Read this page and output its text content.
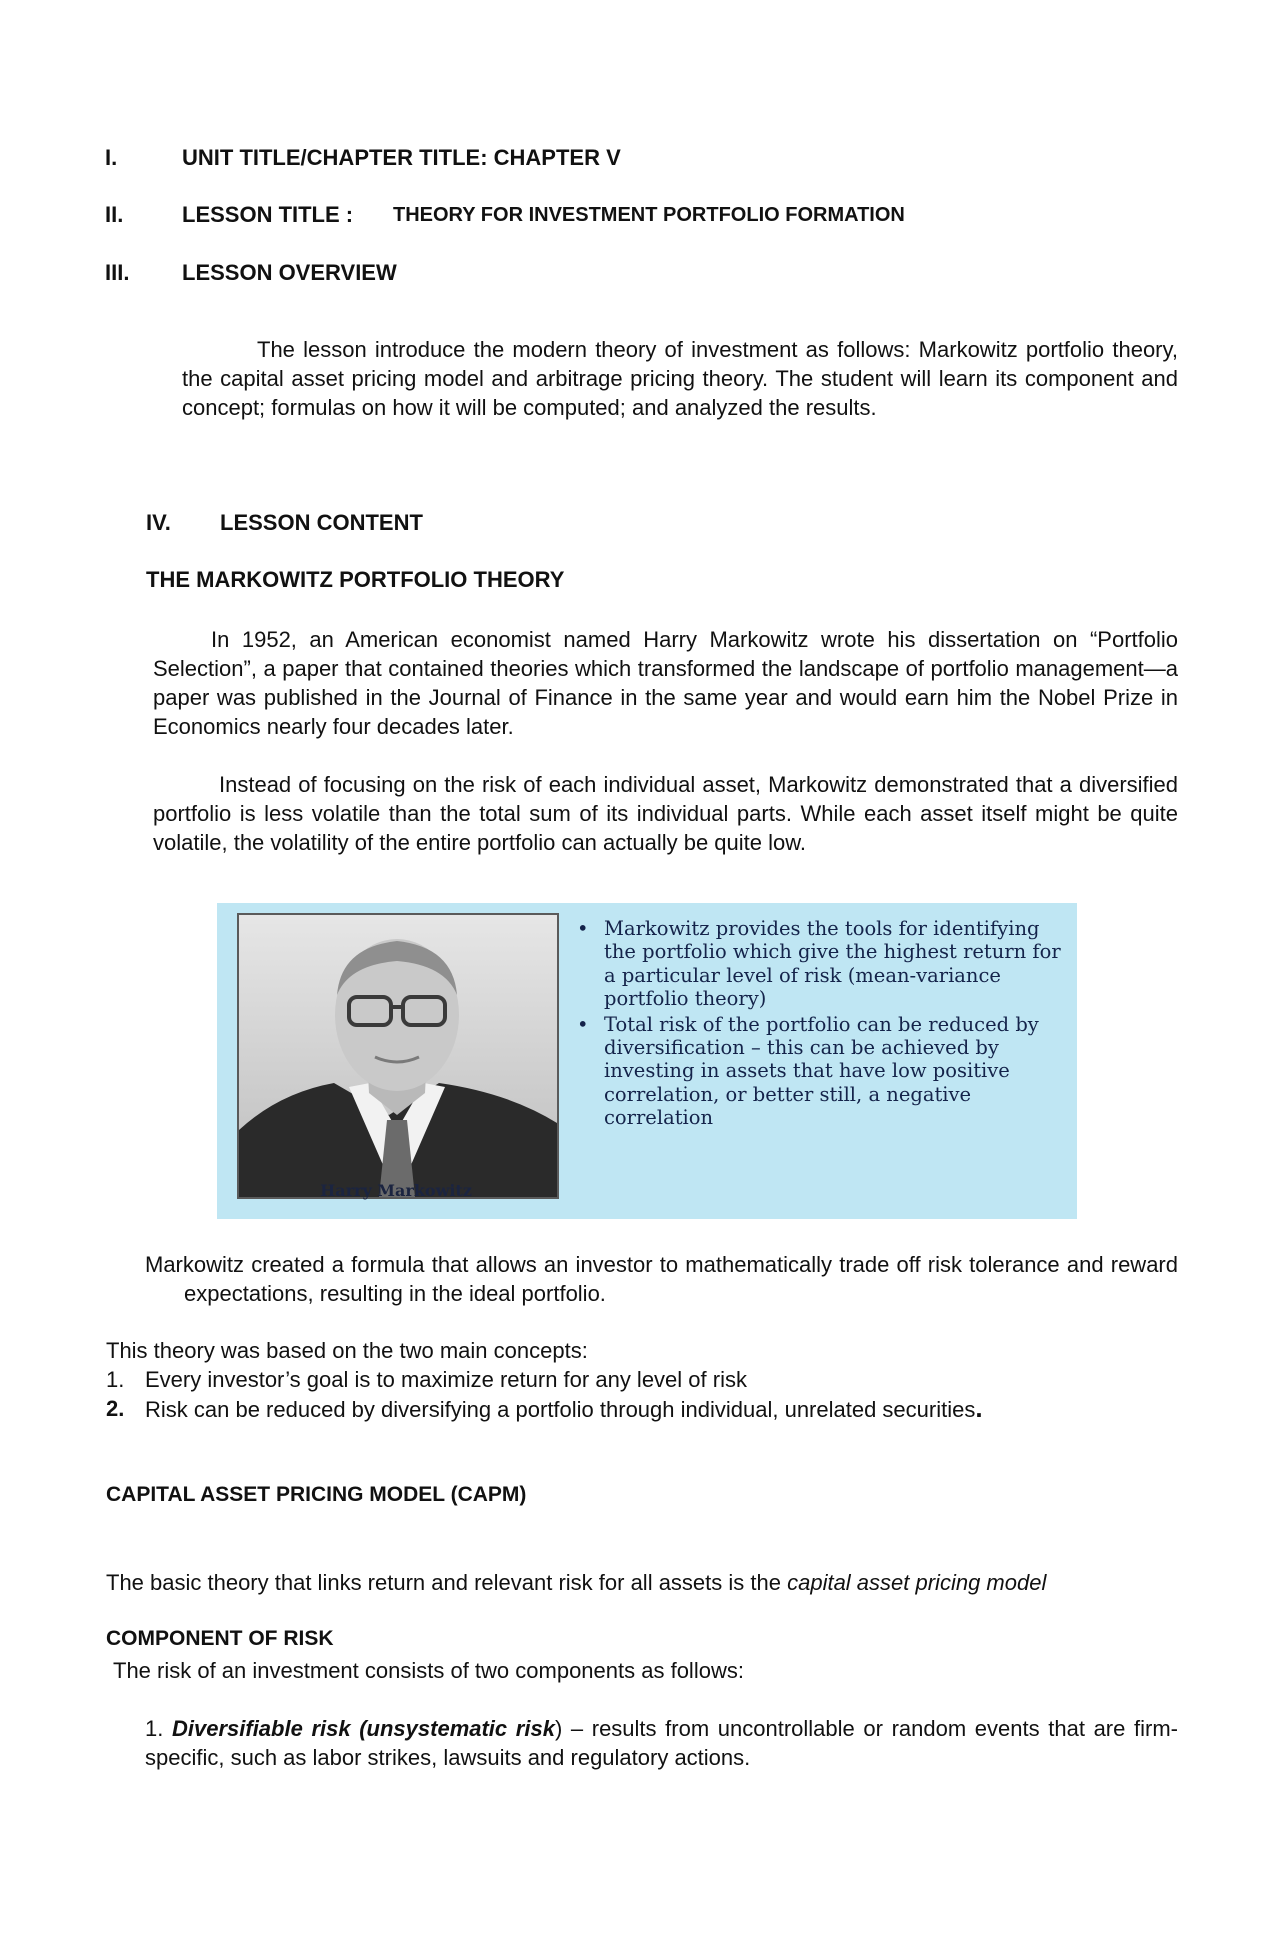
I.	UNIT TITLE/CHAPTER TITLE: CHAPTER V
II.	LESSON TITLE : THEORY FOR INVESTMENT PORTFOLIO FORMATION
III. LESSON OVERVIEW

The lesson introduce the modern theory of investment as follows: Markowitz portfolio theory, the capital asset pricing model and arbitrage pricing theory. The student will learn its component and concept; formulas on how it will be computed; and analyzed the results.

IV. LESSON CONTENT
THE MARKOWITZ PORTFOLIO THEORY

In 1952, an American economist named Harry Markowitz wrote his dissertation on “Portfolio Selection”, a paper that contained theories which transformed the landscape of portfolio management—a paper was published in the Journal of Finance in the same year and would earn him the Nobel Prize in Economics nearly four decades later.

Instead of focusing on the risk of each individual asset, Markowitz demonstrated that a diversified portfolio is less volatile than the total sum of its individual parts. While each asset itself might be quite volatile, the volatility of the entire portfolio can actually be quite low.

Harry Markowitz
• Markowitz provides the tools for identifying the portfolio which give the highest return for a particular level of risk (mean-variance portfolio theory)
• Total risk of the portfolio can be reduced by diversification – this can be achieved by investing in assets that have low positive correlation, or better still, a negative correlation

Markowitz created a formula that allows an investor to mathematically trade off risk tolerance and reward expectations, resulting in the ideal portfolio.

This theory was based on the two main concepts:
1. Every investor’s goal is to maximize return for any level of risk
2. Risk can be reduced by diversifying a portfolio through individual, unrelated securities.
CAPITAL ASSET PRICING MODEL (CAPM)
The basic theory that links return and relevant risk for all assets is the capital asset pricing model
COMPONENT OF RISK
The risk of an investment consists of two components as follows:

1. Diversifiable risk (unsystematic risk) – results from uncontrollable or random events that are firm-specific, such as labor strikes, lawsuits and regulatory actions.
